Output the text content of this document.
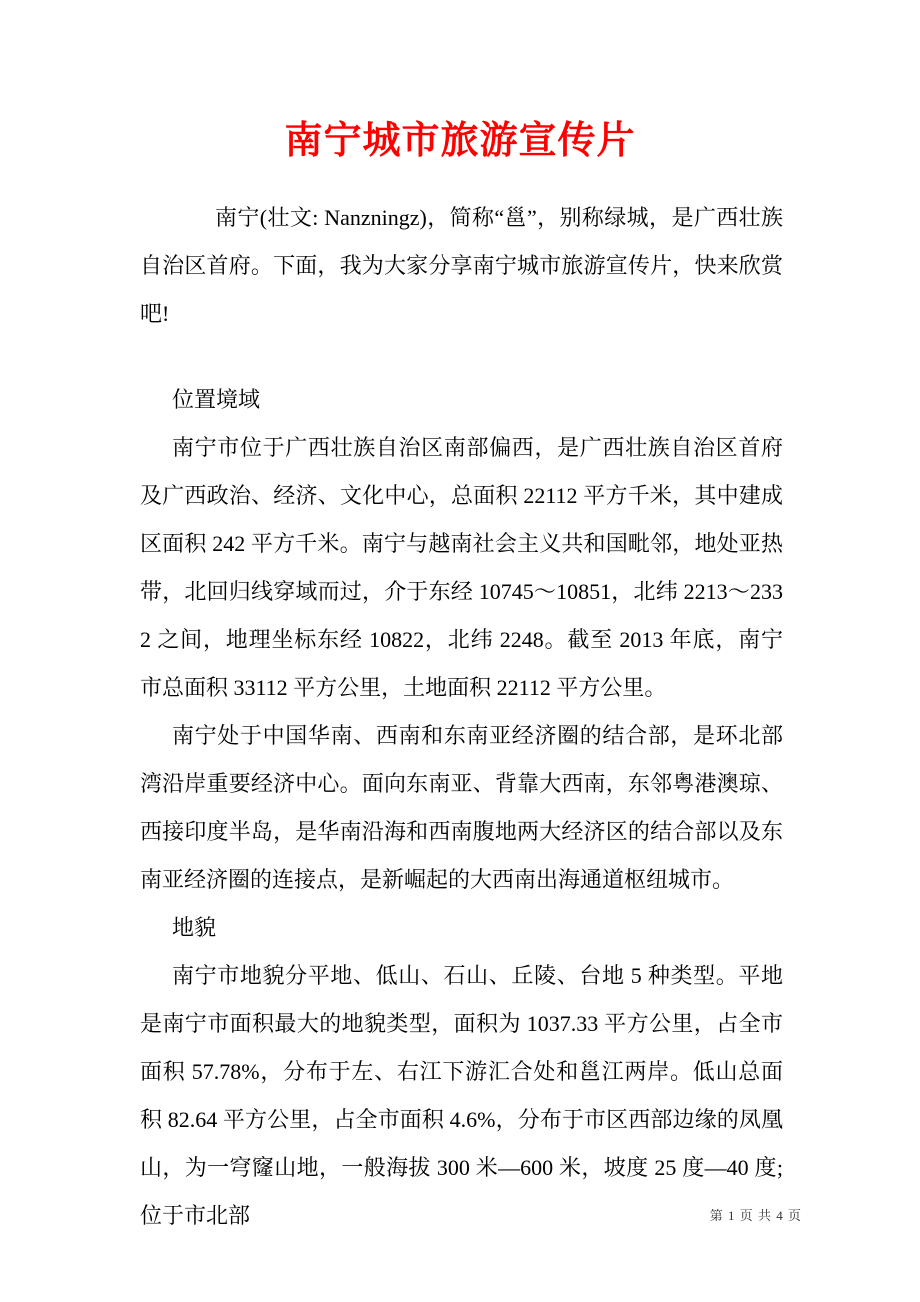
南宁城市旅游宣传片

南宁(壮文: Nanzningz)，简称“邕”，别称绿城，是广西壮族自治区首府。下面，我为大家分享南宁城市旅游宣传片，快来欣赏吧!

位置境域

南宁市位于广西壮族自治区南部偏西，是广西壮族自治区首府及广西政治、经济、文化中心，总面积 22112 平方千米，其中建成区面积 242 平方千米。南宁与越南社会主义共和国毗邻，地处亚热带，北回归线穿域而过，介于东经 10745～10851，北纬 2213～2332 之间，地理坐标东经 10822，北纬 2248。截至 2013 年底，南宁市总面积 33112 平方公里，土地面积 22112 平方公里。

南宁处于中国华南、西南和东南亚经济圈的结合部，是环北部湾沿岸重要经济中心。面向东南亚、背靠大西南，东邻粤港澳琼、西接印度半岛，是华南沿海和西南腹地两大经济区的结合部以及东南亚经济圈的连接点，是新崛起的大西南出海通道枢纽城市。

地貌

南宁市地貌分平地、低山、石山、丘陵、台地 5 种类型。平地是南宁市面积最大的地貌类型，面积为 1037.33 平方公里，占全市面积 57.78%，分布于左、右江下游汇合处和邕江两岸。低山总面积 82.64 平方公里，占全市面积 4.6%，分布于市区西部边缘的凤凰山，为一穹窿山地，一般海拔 300 米—600 米，坡度 25 度—40 度;位于市北部	第 1 页 共 4 页
